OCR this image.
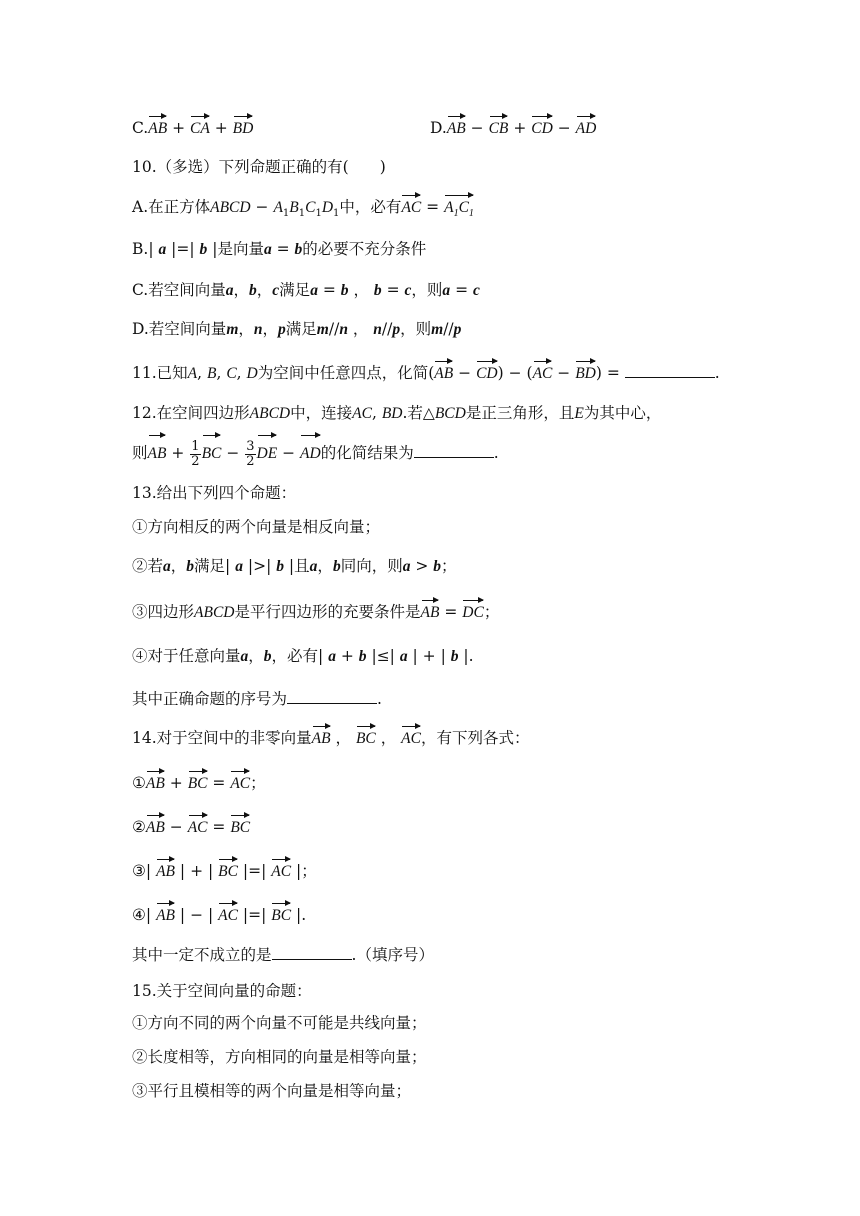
C.AB + CA + BD	D.AB − CB + CD − AD
10.（多选）下列命题正确的有(　　)
A.在正方体ABCD − $A_1B_1C_1D_1$中，必有AC = $A_1C_1$
B.| a |=| b |是向量a = b的必要不充分条件
C.若空间向量a，b，c满足a = b ， b = c，则a = c
D.若空间向量m，n，p满足m//n ， n//p，则m//p
11.已知A, B, C, D为空间中任意四点，化简(AB − CD) − (AC − BD) =	.
12.在空间四边形ABCD中，连接AC, BD.若△BCD是正三角形，且E为其中心，
则AB + $\frac{1}{2}$ BC − $\frac{3}{2}$ DE − AD的化简结果为	.
13.给出下列四个命题：
①方向相反的两个向量是相反向量；
②若a，b满足| a |>| b |且a，b同向，则a > b；
③四边形ABCD是平行四边形的充要条件是AB = DC；
④对于任意向量a，b，必有| a + b |≤| a | + | b |.
其中正确命题的序号为	.
14.对于空间中的非零向量AB ， BC ， AC，有下列各式：
①AB + BC = AC；
②AB − AC = BC
③| AB | + | BC |=| AC |；
④| AB | − | AC |=| BC |.
其中一定不成立的是	.（填序号）
15.关于空间向量的命题：
①方向不同的两个向量不可能是共线向量；
②长度相等，方向相同的向量是相等向量；
③平行且模相等的两个向量是相等向量；
